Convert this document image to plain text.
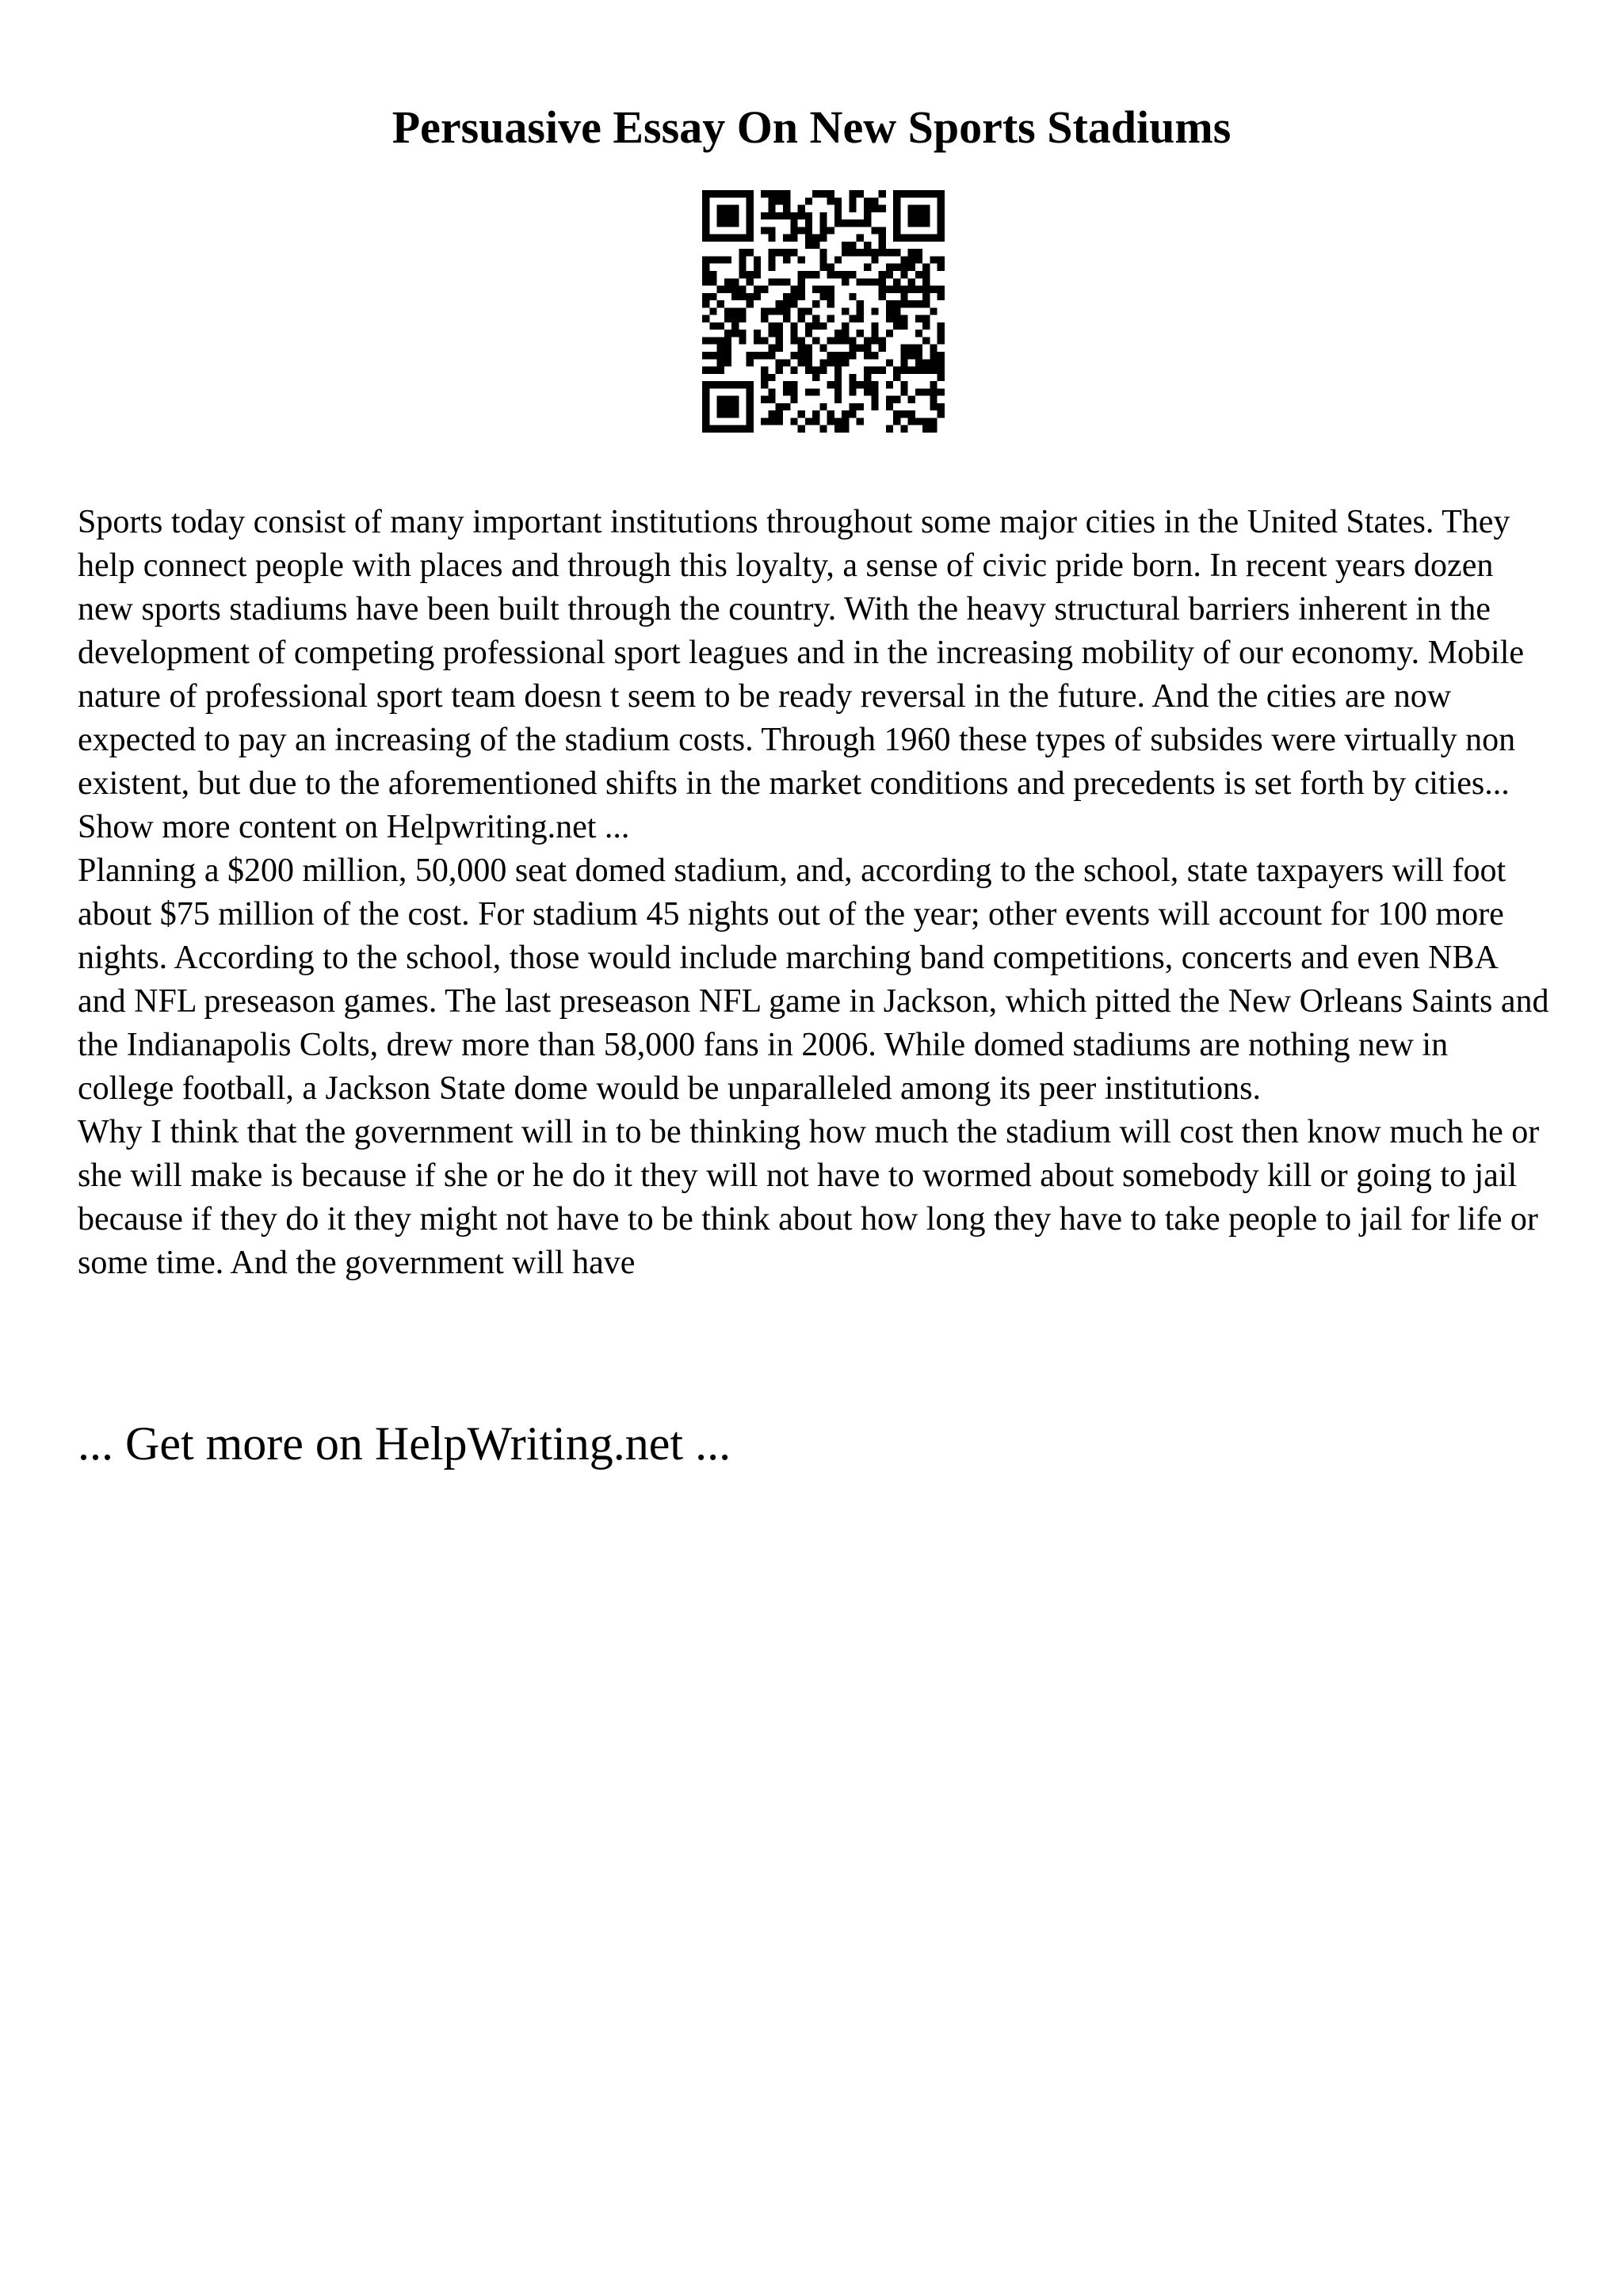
Persuasive Essay On New Sports Stadiums

Sports today consist of many important institutions throughout some major cities in the United States. They help connect people with places and through this loyalty, a sense of civic pride born. In recent years dozen new sports stadiums have been built through the country. With the heavy structural barriers inherent in the development of competing professional sport leagues and in the increasing mobility of our economy. Mobile nature of professional sport team doesn t seem to be ready reversal in the future. And the cities are now expected to pay an increasing of the stadium costs. Through 1960 these types of subsides were virtually non existent, but due to the aforementioned shifts in the market conditions and precedents is set forth by cities... Show more content on Helpwriting.net ...

Planning a $200 million, 50,000 seat domed stadium, and, according to the school, state taxpayers will foot about $75 million of the cost. For stadium 45 nights out of the year; other events will account for 100 more nights. According to the school, those would include marching band competitions, concerts and even NBA and NFL preseason games. The last preseason NFL game in Jackson, which pitted the New Orleans Saints and the Indianapolis Colts, drew more than 58,000 fans in 2006. While domed stadiums are nothing new in college football, a Jackson State dome would be unparalleled among its peer institutions.

Why I think that the government will in to be thinking how much the stadium will cost then know much he or she will make is because if she or he do it they will not have to wormed about somebody kill or going to jail because if they do it they might not have to be think about how long they have to take people to jail for life or some time. And the government will have

... Get more on HelpWriting.net ...
